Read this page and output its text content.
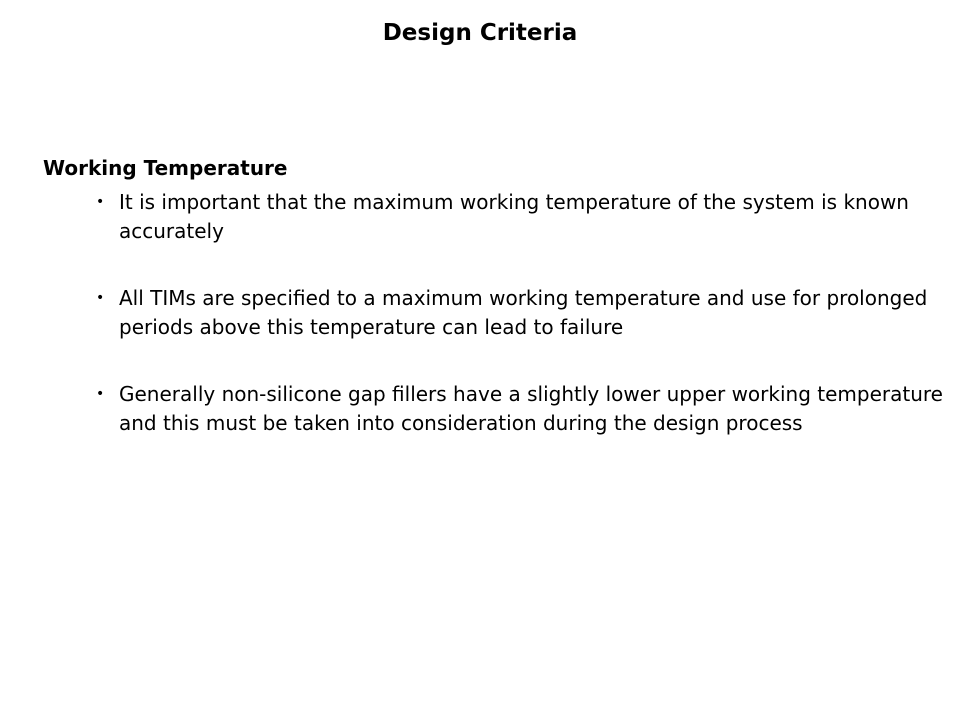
Design Criteria
Working Temperature
• It is important that the maximum working temperature of the system is known accurately
• All TIMs are specified to a maximum working temperature and use for prolonged periods above this temperature can lead to failure
• Generally non-silicone gap fillers have a slightly lower upper working temperature and this must be taken into consideration during the design process
